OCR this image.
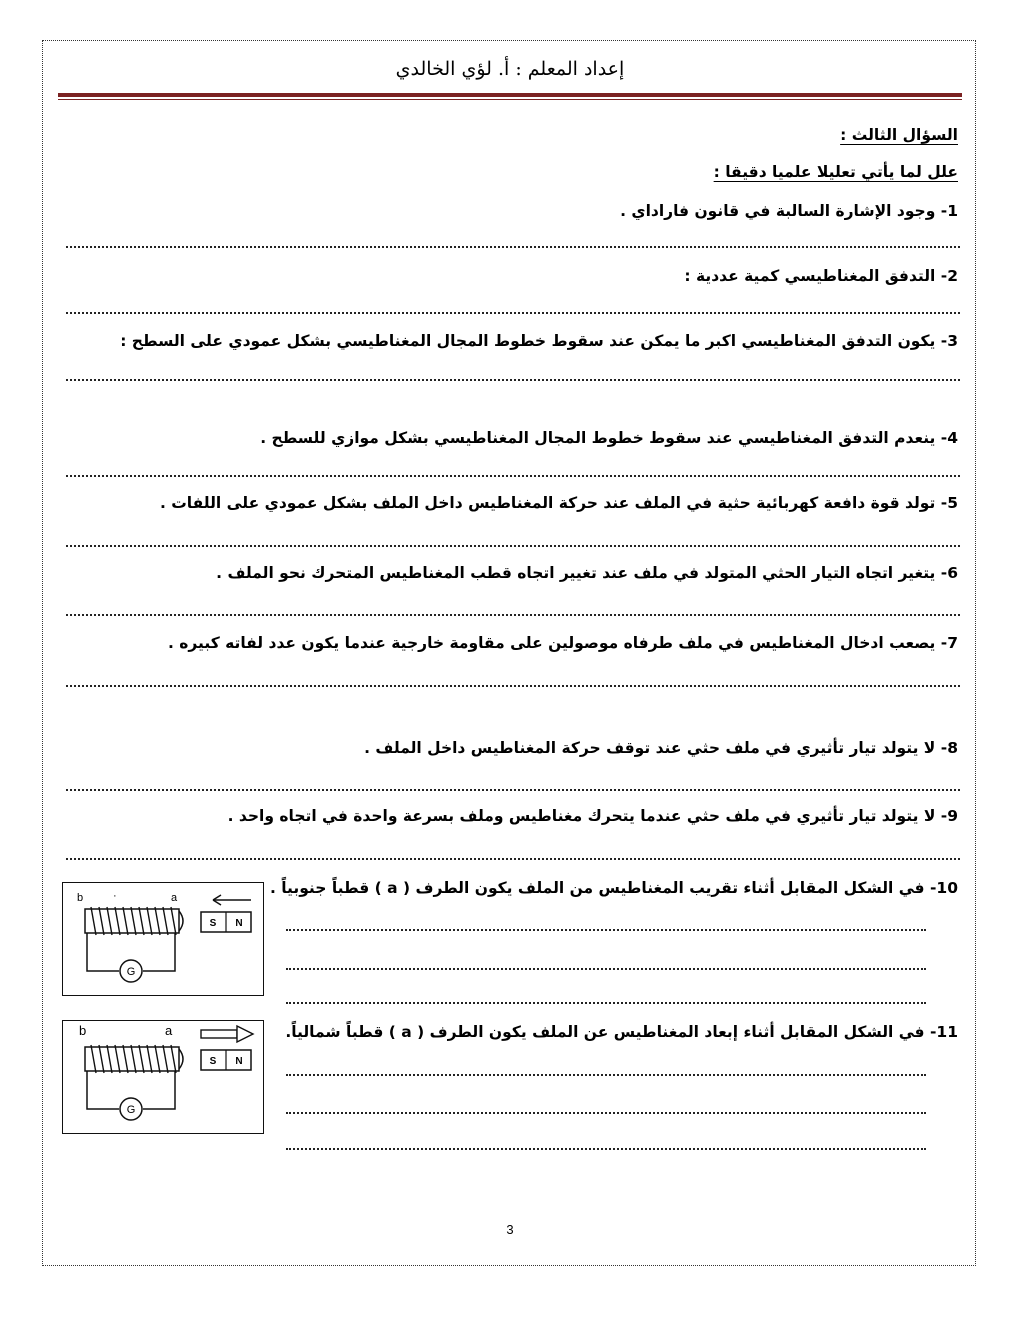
إعداد المعلم : أ. لؤي الخالدي
السؤال الثالث :
علل لما يأتي تعليلا علميا دقيقا :
1- وجود الإشارة السالبة في قانون فاراداي .
2- التدفق المغناطيسي كمية عددية :
3- يكون التدفق المغناطيسي اكبر ما يمكن عند سقوط خطوط المجال المغناطيسي بشكل عمودي على السطح :
4- ينعدم التدفق المغناطيسي عند سقوط خطوط المجال المغناطيسي بشكل موازي للسطح .
5- تولد قوة دافعة كهربائية حثية في الملف عند حركة المغناطيس داخل الملف بشكل عمودي على اللفات .
6- يتغير اتجاه التيار الحثي المتولد في ملف عند تغيير اتجاه قطب المغناطيس المتحرك نحو الملف .
7- يصعب ادخال المغناطيس في ملف طرفاه موصولين على مقاومة خارجية عندما يكون عدد لفاته كبيره .
8- لا يتولد تيار تأثيري في ملف حثي عند توقف حركة المغناطيس داخل الملف .
9- لا يتولد تيار تأثيري في ملف حثي عندما يتحرك مغناطيس وملف بسرعة واحدة في اتجاه واحد .
10- في الشكل المقابل أثناء تقريب المغناطيس من الملف يكون الطرف ( a ) قطباً جنوبياً .
b	·	a
G
S N
11- في الشكل المقابل أثناء إبعاد المغناطيس عن الملف يكون الطرف ( a ) قطباً شمالياً.
b	a
G
S N
3
